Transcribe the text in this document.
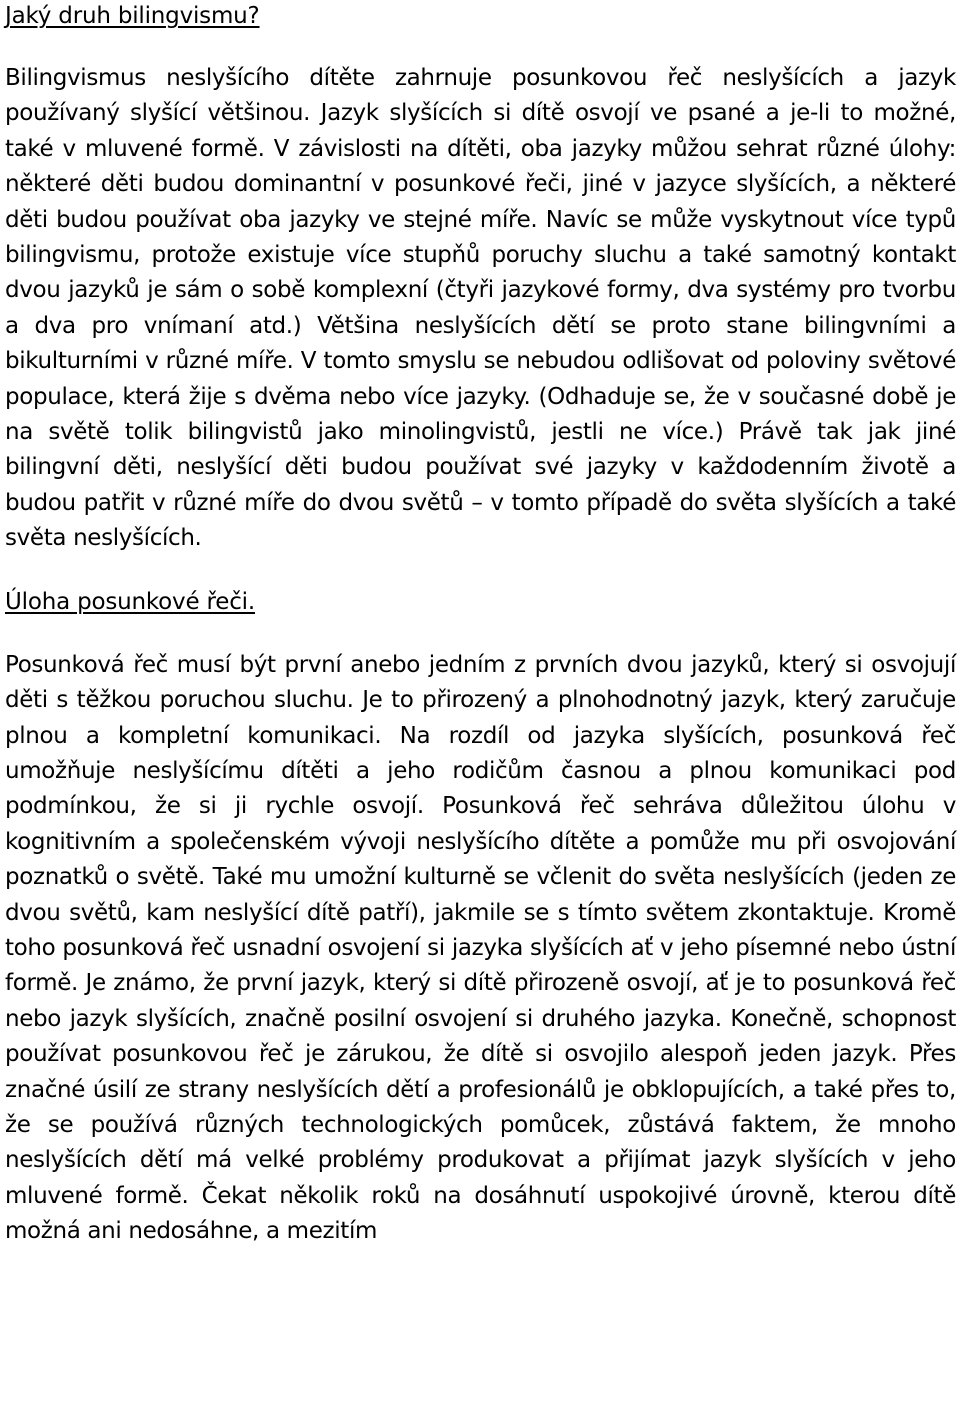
Jaký druh bilingvismu?

Bilingvismus neslyšícího dítěte zahrnuje posunkovou řeč neslyšících a jazyk používaný slyšící většinou. Jazyk slyšících si dítě osvojí ve psané a je-li to možné, také v mluvené formě. V závislosti na dítěti, oba jazyky můžou sehrat různé úlohy: některé děti budou dominantní v posunkové řeči, jiné v jazyce slyšících, a některé děti budou používat oba jazyky ve stejné míře. Navíc se může vyskytnout více typů bilingvismu, protože existuje více stupňů poruchy sluchu a také samotný kontakt dvou jazyků je sám o sobě komplexní (čtyři jazykové formy, dva systémy pro tvorbu a dva pro vnímaní atd.) Většina neslyšících dětí se proto stane bilingvními a bikulturními v různé míře. V tomto smyslu se nebudou odlišovat od poloviny světové populace, která žije s dvěma nebo více jazyky. (Odhaduje se, že v současné době je na světě tolik bilingvistů jako minolingvistů, jestli ne více.) Právě tak jak jiné bilingvní děti, neslyšící děti budou používat své jazyky v každodenním životě a budou patřit v různé míře do dvou světů – v tomto případě do světa slyšících a také světa neslyšících.

Úloha posunkové řeči.

Posunková řeč musí být první anebo jedním z prvních dvou jazyků, který si osvojují děti s těžkou poruchou sluchu. Je to přirozený a plnohodnotný jazyk, který zaručuje plnou a kompletní komunikaci. Na rozdíl od jazyka slyšících, posunková řeč umožňuje neslyšícímu dítěti a jeho rodičům časnou a plnou komunikaci pod podmínkou, že si ji rychle osvojí. Posunková řeč sehráva důležitou úlohu v kognitivním a společenském vývoji neslyšícího dítěte a pomůže mu při osvojování poznatků o světě. Také mu umožní kulturně se včlenit do světa neslyšících (jeden ze dvou světů, kam neslyšící dítě patří), jakmile se s tímto světem zkontaktuje. Kromě toho posunková řeč usnadní osvojení si jazyka slyšících ať v jeho písemné nebo ústní formě. Je známo, že první jazyk, který si dítě přirozeně osvojí, ať je to posunková řeč nebo jazyk slyšících, značně posilní osvojení si druhého jazyka. Konečně, schopnost používat posunkovou řeč je zárukou, že dítě si osvojilo alespoň jeden jazyk. Přes značné úsilí ze strany neslyšících dětí a profesionálů je obklopujících, a také přes to, že se používá různých technologických pomůcek, zůstává faktem, že mnoho neslyšících dětí má velké problémy produkovat a přijímat jazyk slyšících v jeho mluvené formě. Čekat několik roků na dosáhnutí uspokojivé úrovně, kterou dítě možná ani nedosáhne, a mezitím
